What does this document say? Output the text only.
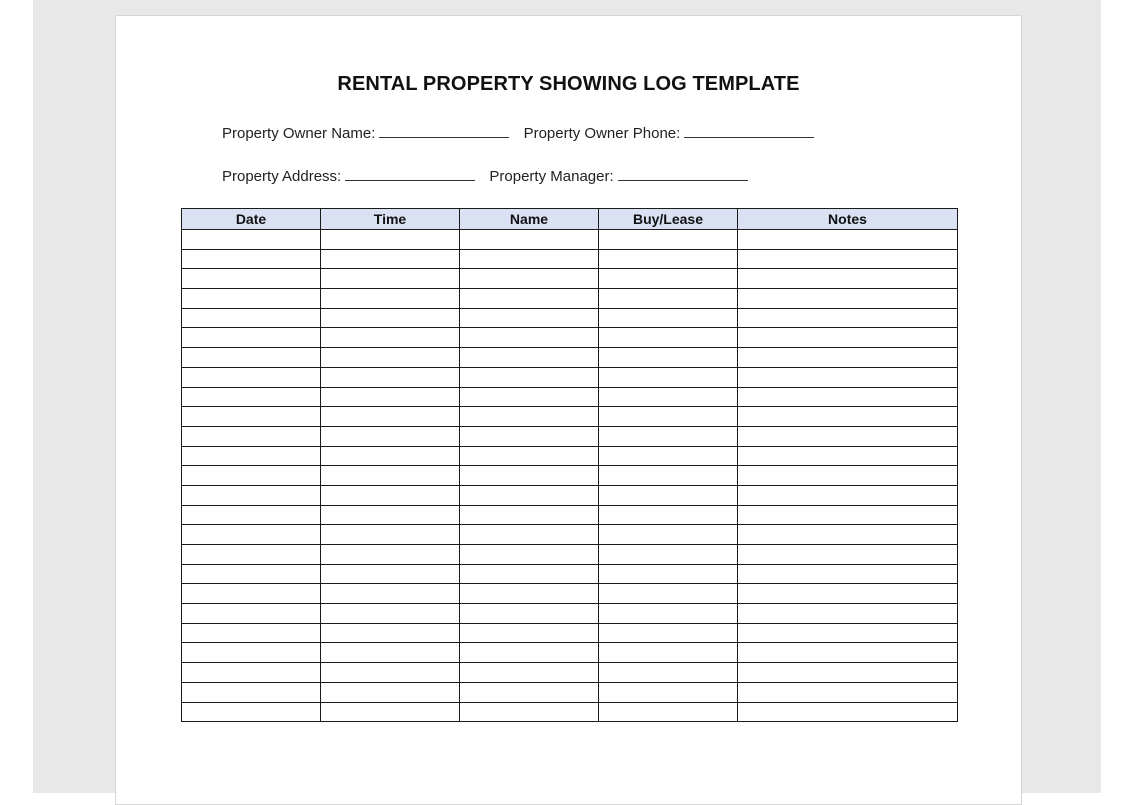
RENTAL PROPERTY SHOWING LOG TEMPLATE
Property Owner Name:	Property Owner Phone:
Property Address:	Property Manager:
Date	Time	Name	Buy/Lease	Notes
